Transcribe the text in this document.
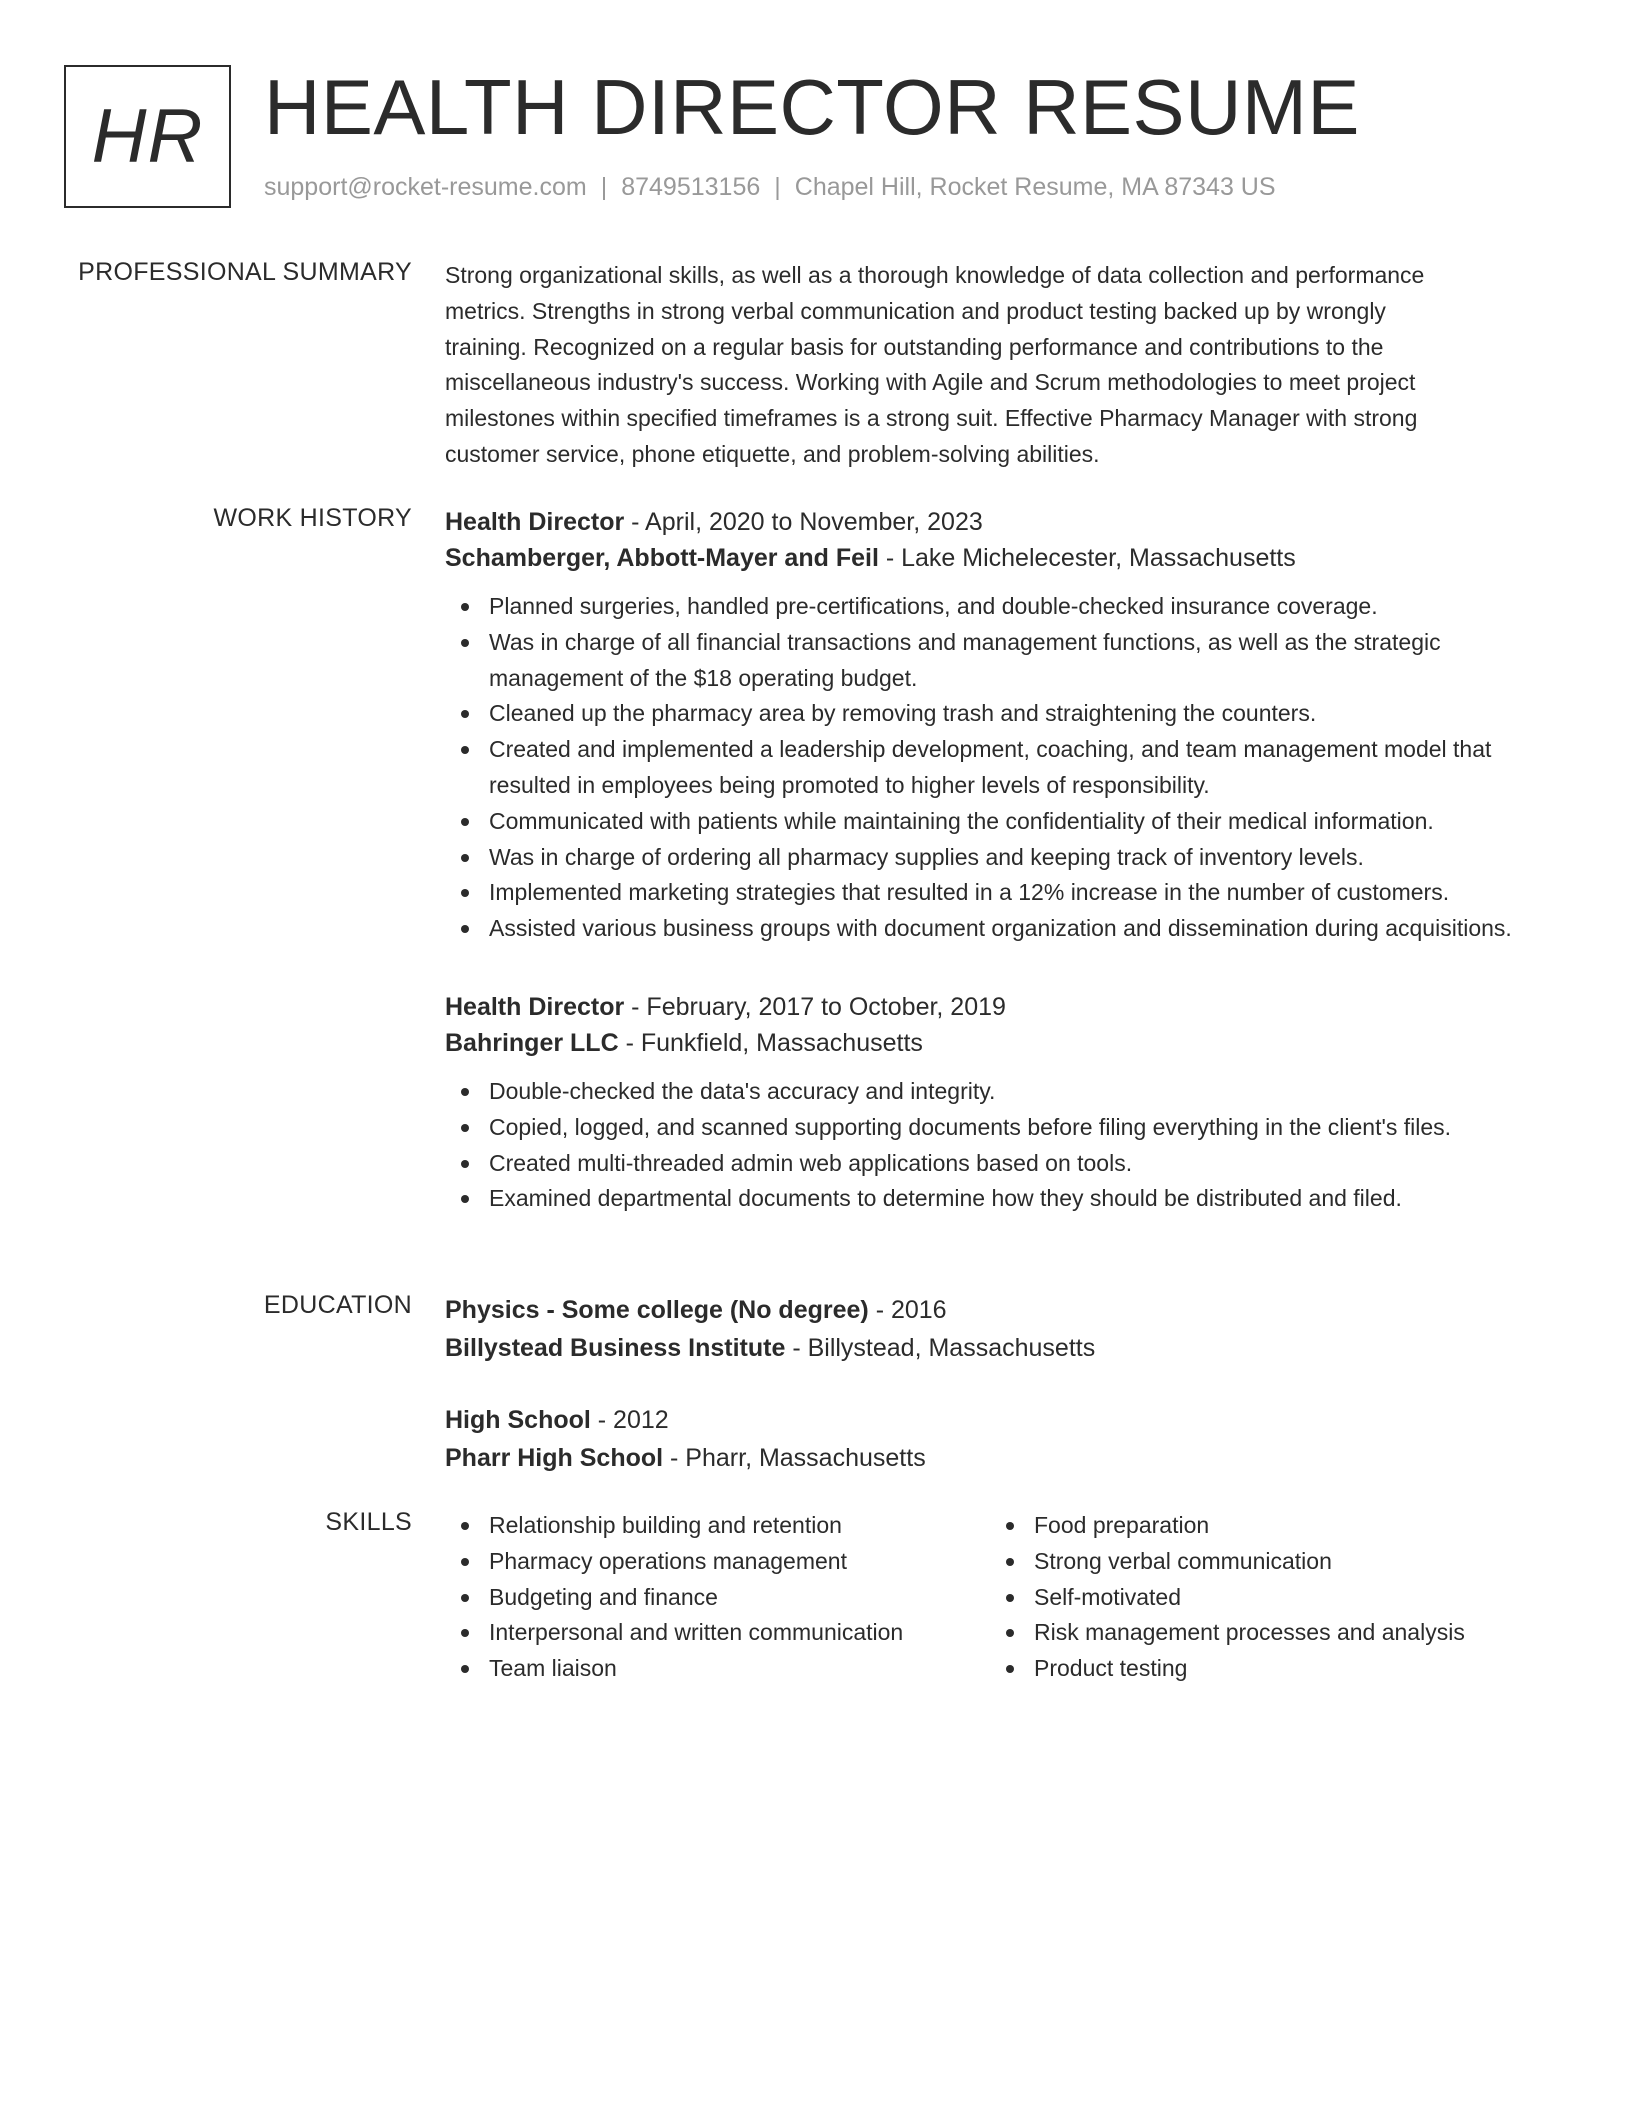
HR HEALTH DIRECTOR RESUME
support@rocket-resume.com | 8749513156 | Chapel Hill, Rocket Resume, MA 87343 US
PROFESSIONAL SUMMARY Strong organizational skills, as well as a thorough knowledge of data collection and performance
metrics. Strengths in strong verbal communication and product testing backed up by wrongly
training. Recognized on a regular basis for outstanding performance and contributions to the
miscellaneous industry's success. Working with Agile and Scrum methodologies to meet project
milestones within specified timeframes is a strong suit. Effective Pharmacy Manager with strong
customer service, phone etiquette, and problem-solving abilities.
WORK HISTORY Health Director - April, 2020 to November, 2023
Schamberger, Abbott-Mayer and Feil - Lake Michelecester, Massachusetts
Planned surgeries, handled pre-certifications, and double-checked insurance coverage.
Was in charge of all financial transactions and management functions, as well as the strategic management of the $18 operating budget.
Cleaned up the pharmacy area by removing trash and straightening the counters.
Created and implemented a leadership development, coaching, and team management model that resulted in employees being promoted to higher levels of responsibility.
Communicated with patients while maintaining the confidentiality of their medical information.
Was in charge of ordering all pharmacy supplies and keeping track of inventory levels.
Implemented marketing strategies that resulted in a 12% increase in the number of customers.
Assisted various business groups with document organization and dissemination during acquisitions.
Health Director - February, 2017 to October, 2019
Bahringer LLC - Funkfield, Massachusetts
Double-checked the data's accuracy and integrity.
Copied, logged, and scanned supporting documents before filing everything in the client's files.
Created multi-threaded admin web applications based on tools.
Examined departmental documents to determine how they should be distributed and filed.
EDUCATION Physics - Some college (No degree) - 2016
Billystead Business Institute - Billystead, Massachusetts
High School - 2012
Pharr High School - Pharr, Massachusetts
SKILLS	Relationship building and retention
Pharmacy operations management
Budgeting and finance
Interpersonal and written communication
Team liaison
Food preparation
Strong verbal communication
Self-motivated
Risk management processes and analysis
Product testing
